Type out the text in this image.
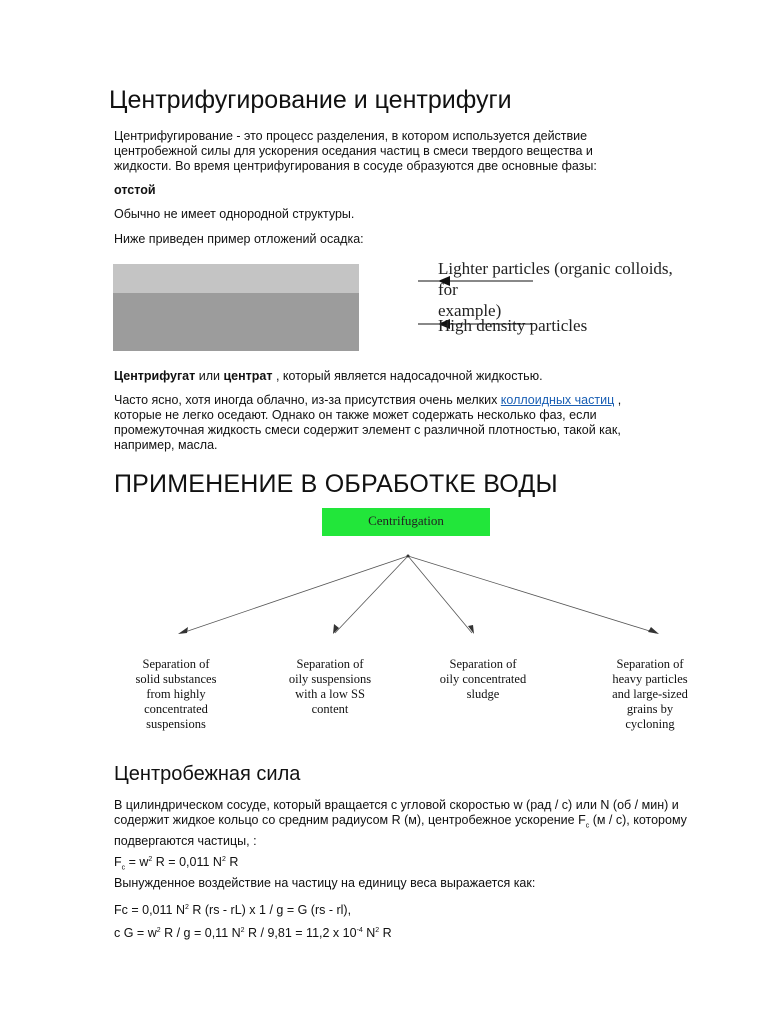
Центрифугирование и центрифуги

Центрифугирование - это процесс разделения, в котором используется действие центробежной силы для ускорения оседания частиц в смеси твердого вещества и жидкости. Во время центрифугирования в сосуде образуются две основные фазы:

отстой

Обычно не имеет однородной структуры.

Ниже приведен пример отложений осадка:

Lighter particles (organic colloids, for
example)
High density particles

Центрифугат или центрат , который является надосадочной жидкостью.

Часто ясно, хотя иногда облачно, из-за присутствия очень мелких коллоидных частиц , которые не легко оседают. Однако он также может содержать несколько фаз, если промежуточная жидкость смеси содержит элемент с различной плотностью, такой как, например, масла.

ПРИМЕНЕНИЕ В ОБРАБОТКЕ ВОДЫ
Centrifugation
Separation of
solid substances
from highly
concentrated
suspensions
Separation of
oily suspensions
with a low SS
content
Separation of
oily concentrated
sludge
Separation of
heavy particles
and large-sized
grains by
cycloning
Центробежная сила

В цилиндрическом сосуде, который вращается с угловой скоростью w (рад / с) или N (об / мин) и содержит жидкое кольцо со средним радиусом R (м), центробежное ускорение $F_c$ (м / с), которому подвергаются частицы, :

$F_c = w^2$ R = 0,011 $N^2$ R

Вынужденное воздействие на частицу на единицу веса выражается как:

Fc = 0,011 $N^2$ R (rs - rL) x 1 / g = G (rs - rl),

c $G = w^2$ R / g = 0,11 $N^2$ R / 9,81 = 11,2 x $10^{-4}$ $N^2$ R
